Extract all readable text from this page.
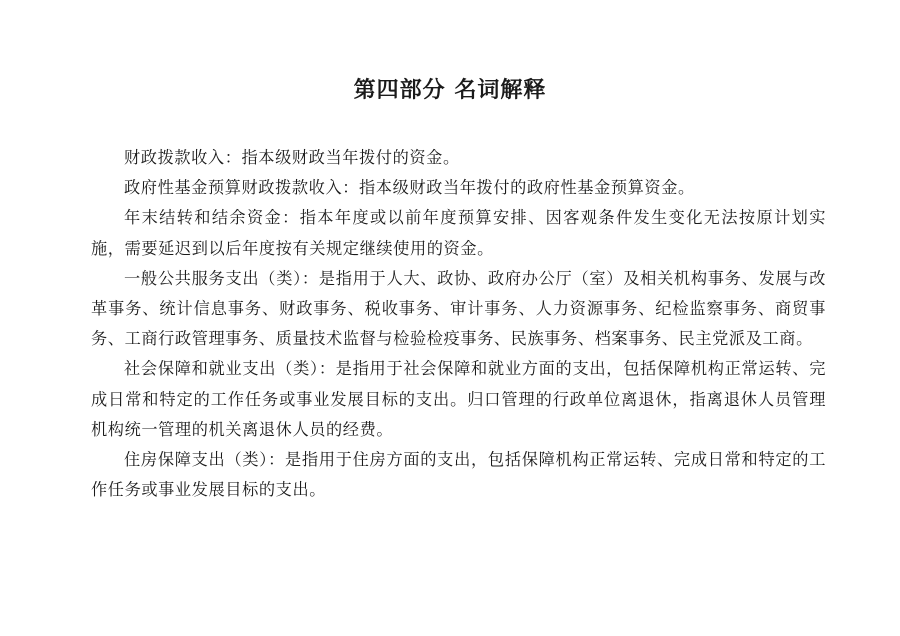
第四部分 名词解释

财政拨款收入：指本级财政当年拨付的资金。

政府性基金预算财政拨款收入：指本级财政当年拨付的政府性基金预算资金。

年末结转和结余资金：指本年度或以前年度预算安排、因客观条件发生变化无法按原计划实施，需要延迟到以后年度按有关规定继续使用的资金。

一般公共服务支出（类）：是指用于人大、政协、政府办公厅（室）及相关机构事务、发展与改革事务、统计信息事务、财政事务、税收事务、审计事务、人力资源事务、纪检监察事务、商贸事务、工商行政管理事务、质量技术监督与检验检疫事务、民族事务、档案事务、民主党派及工商。

社会保障和就业支出（类）：是指用于社会保障和就业方面的支出，包括保障机构正常运转、完成日常和特定的工作任务或事业发展目标的支出。归口管理的行政单位离退休，指离退休人员管理机构统一管理的机关离退休人员的经费。

住房保障支出（类）：是指用于住房方面的支出，包括保障机构正常运转、完成日常和特定的工作任务或事业发展目标的支出。
